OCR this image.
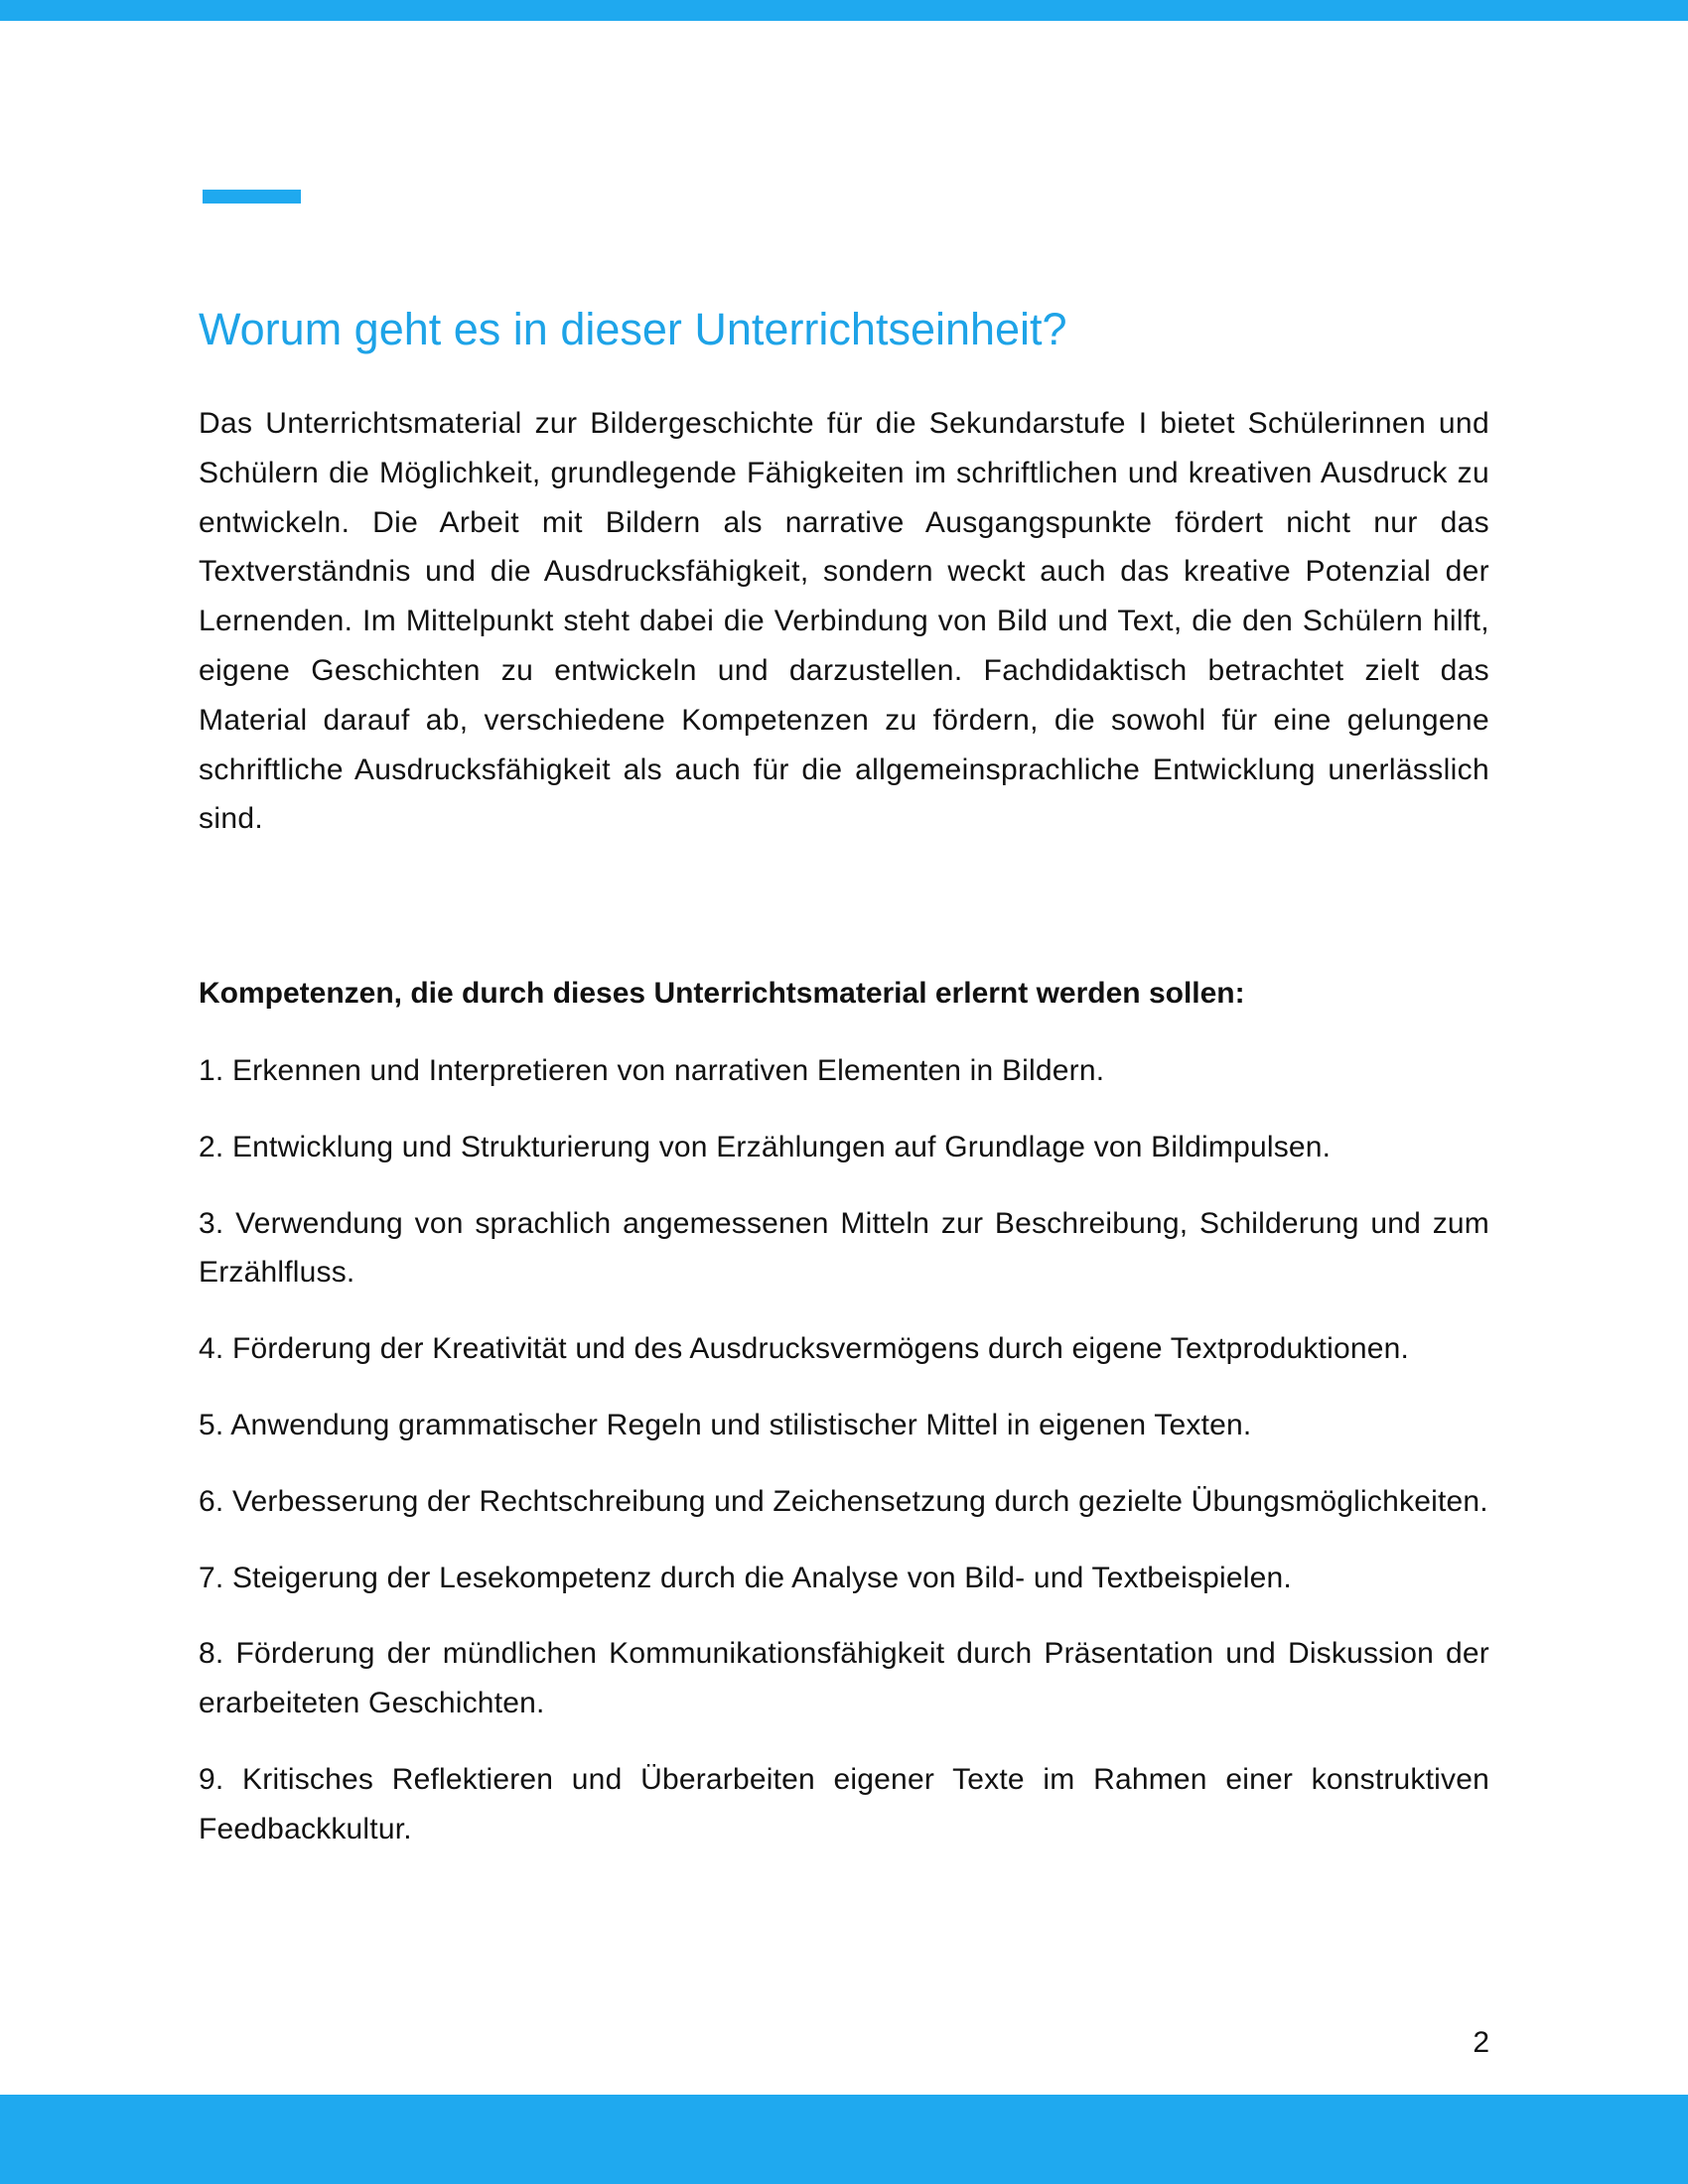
Worum geht es in dieser Unterrichtseinheit?

Das Unterrichtsmaterial zur Bildergeschichte für die Sekundarstufe I bietet Schülerinnen und Schülern die Möglichkeit, grundlegende Fähigkeiten im schriftlichen und kreativen Ausdruck zu entwickeln. Die Arbeit mit Bildern als narrative Ausgangspunkte fördert nicht nur das Textverständnis und die Ausdrucksfähigkeit, sondern weckt auch das kreative Potenzial der Lernenden. Im Mittelpunkt steht dabei die Verbindung von Bild und Text, die den Schülern hilft, eigene Geschichten zu entwickeln und darzustellen. Fachdidaktisch betrachtet zielt das Material darauf ab, verschiedene Kompetenzen zu fördern, die sowohl für eine gelungene schriftliche Ausdrucksfähigkeit als auch für die allgemeinsprachliche Entwicklung unerlässlich sind.

Kompetenzen, die durch dieses Unterrichtsmaterial erlernt werden sollen:

1. Erkennen und Interpretieren von narrativen Elementen in Bildern.
2. Entwicklung und Strukturierung von Erzählungen auf Grundlage von Bildimpulsen.
3. Verwendung von sprachlich angemessenen Mitteln zur Beschreibung, Schilderung und zum Erzählfluss.
4. Förderung der Kreativität und des Ausdrucksvermögens durch eigene Textproduktionen.
5. Anwendung grammatischer Regeln und stilistischer Mittel in eigenen Texten.
6. Verbesserung der Rechtschreibung und Zeichensetzung durch gezielte Übungsmöglichkeiten.
7. Steigerung der Lesekompetenz durch die Analyse von Bild- und Textbeispielen.
8. Förderung der mündlichen Kommunikationsfähigkeit durch Präsentation und Diskussion der erarbeiteten Geschichten.
9. Kritisches Reflektieren und Überarbeiten eigener Texte im Rahmen einer konstruktiven Feedbackkultur.
2
